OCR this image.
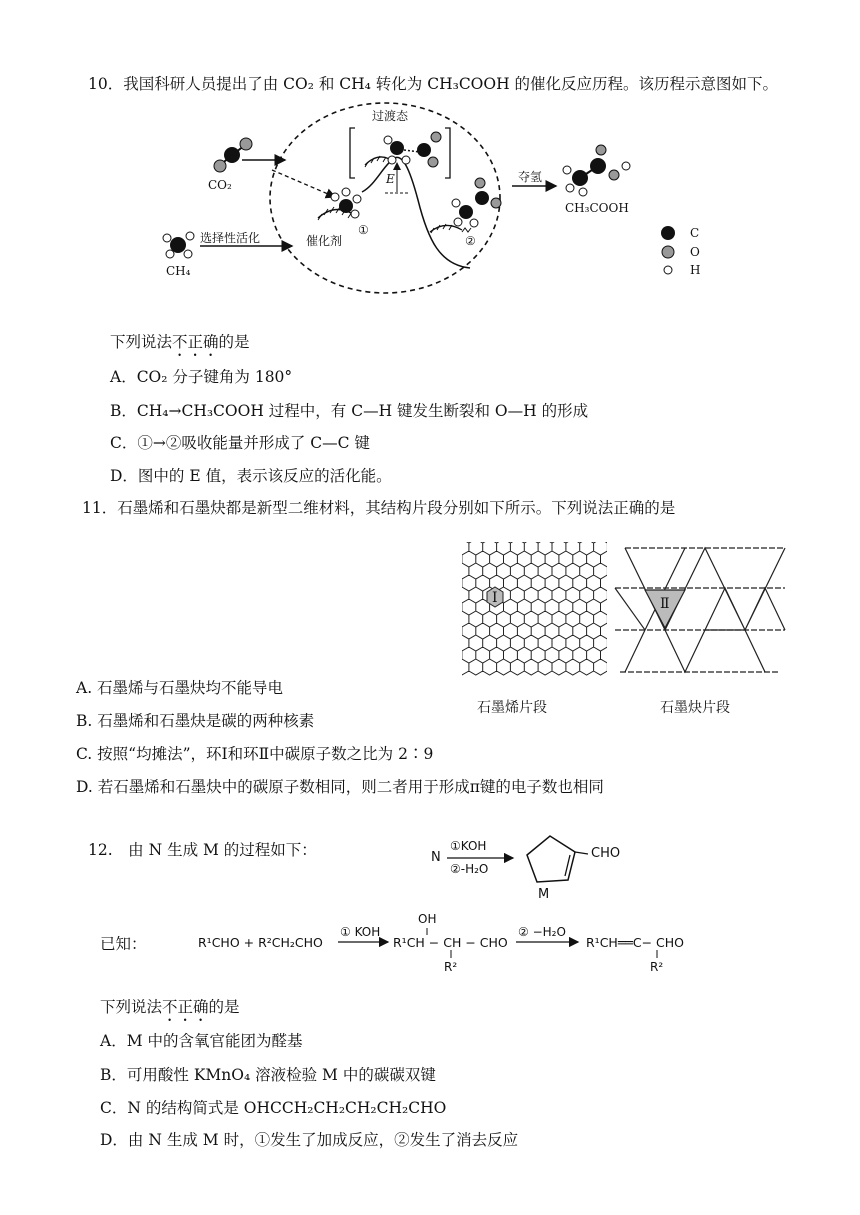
10．我国科研人员提出了由 CO₂ 和 CH₄ 转化为 CH₃COOH 的催化反应历程。该历程示意图如下。
过渡态
CO₂
CH₄
选择性活化	催化剂
①
②
E	夺氢
CH₃COOH
C
O
H
下列说法不正确的是
A．CO₂ 分子键角为 180°
B．CH₄→CH₃COOH 过程中，有 C—H 键发生断裂和 O—H 的形成
C．①→②吸收能量并形成了 C—C 键
D．图中的 E 值，表示该反应的活化能。
11．石墨烯和石墨炔都是新型二维材料，其结构片段分别如下所示。下列说法正确的是
Ⅰ	Ⅱ
石墨烯片段	石墨炔片段
A. 石墨烯与石墨炔均不能导电
B. 石墨烯和石墨炔是碳的两种核素
C. 按照“均摊法”，环Ⅰ和环Ⅱ中碳原子数之比为 2∶9
D. 若石墨烯和石墨炔中的碳原子数相同，则二者用于形成π键的电子数也相同
12.　由 N 生成 M 的过程如下：	N
①KOH
②-H₂O
CHO
M
已知：	R¹CHO + R²CH₂CHO
① KOH
OH
R¹CH − CH − CHO
R²
② −H₂O
R¹CH══C− CHO
R²
下列说法不正确的是
A．M 中的含氧官能团为醛基
B．可用酸性 KMnO₄ 溶液检验 M 中的碳碳双键
C．N 的结构简式是 OHCCH₂CH₂CH₂CH₂CHO
D．由 N 生成 M 时，①发生了加成反应，②发生了消去反应
